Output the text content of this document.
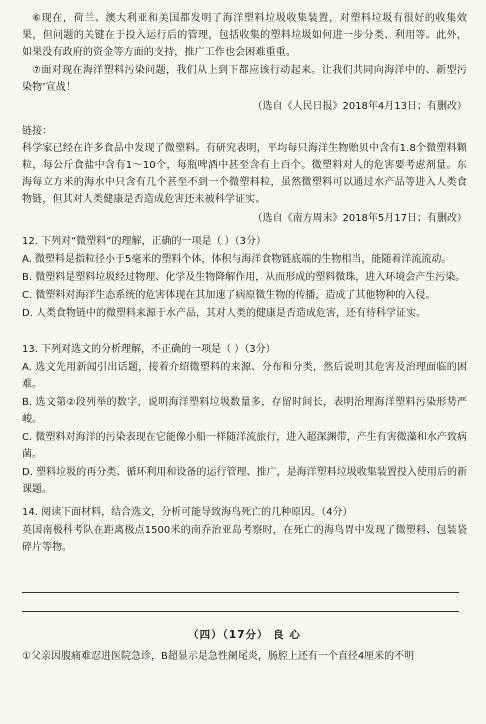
⑥现在，荷兰、澳大利亚和美国都发明了海洋塑料垃圾收集装置，对塑料垃圾有很好的收集效果，但问题的关键在于投入运行后的管理，包括收集的塑料垃圾如何进一步分类、利用等。此外，如果没有政府的资金等方面的支持，推广工作也会困难重重。

⑦面对现在海洋塑料污染问题，我们从上到下都应该行动起来。让我们共同向海洋中的、新型污染物’宣战！

（选自《人民日报》2018年4月13日；有删改）

链接：

科学家已经在许多食品中发现了微塑料。有研究表明，平均每只海洋生物贻贝中含有1.8个微塑料颗粒，每公斤食盐中含有1～10个，每瓶啤酒中甚至含有上百个。微塑料对人的危害要考虑剂量。东海每立方米的海水中只含有几个甚至不到一个微塑料粒，虽然微塑料可以通过水产品等进入人类食物链，但其对人类健康是否造成危害还未被科学证实。

（选自《南方周末》2018年5月17日；有删改）

12. 下列对“微塑料”的理解，正确的一项是（ ）（3分）

A. 微塑料是指粒径小于5毫米的塑料个体，体积与海洋食物链底端的生物相当，能随着洋流流动。

B. 微塑料是塑料垃圾经过物理、化学及生物降解作用，从而形成的塑料微珠，进入环境会产生污染。

C. 微塑料对海洋生态系统的危害体现在其加速了病原微生物的传播，造成了其他物种的入侵。

D. 人类食物链中的微塑料来源于水产品，其对人类的健康是否造成危害，还有待科学证实。

13. 下列对选文的分析理解，不正确的一项是（ ）（3分）

A. 选文先用新闻引出话题，接着介绍微塑料的来源、分布和分类，然后说明其危害及治理面临的困难。

B. 选文第②段列举的数字，说明海洋塑料垃圾数量多，存留时间长，表明治理海洋塑料污染形势严峻。

C. 微塑料对海洋的污染表现在它能像小船一样随洋流旅行，进入超深渊带，产生有害微藻和水产致病菌。

D. 塑料垃圾的再分类、循环利用和设备的运行管理、推广，是海洋塑料垃圾收集装置投入使用后的新课题。

14. 阅读下面材料，结合选文，分析可能导致海鸟死亡的几种原因。（4分）

英国南极科考队在距离极点1500米的南乔治亚岛考察时，在死亡的海鸟胃中发现了微塑料、包装袋碎片等物。

（四）（17分） 良 心

①父亲因腹痛难忍进医院急诊，B超显示是急性阑尾炎，肠腔上还有一个直径4厘米的不明
